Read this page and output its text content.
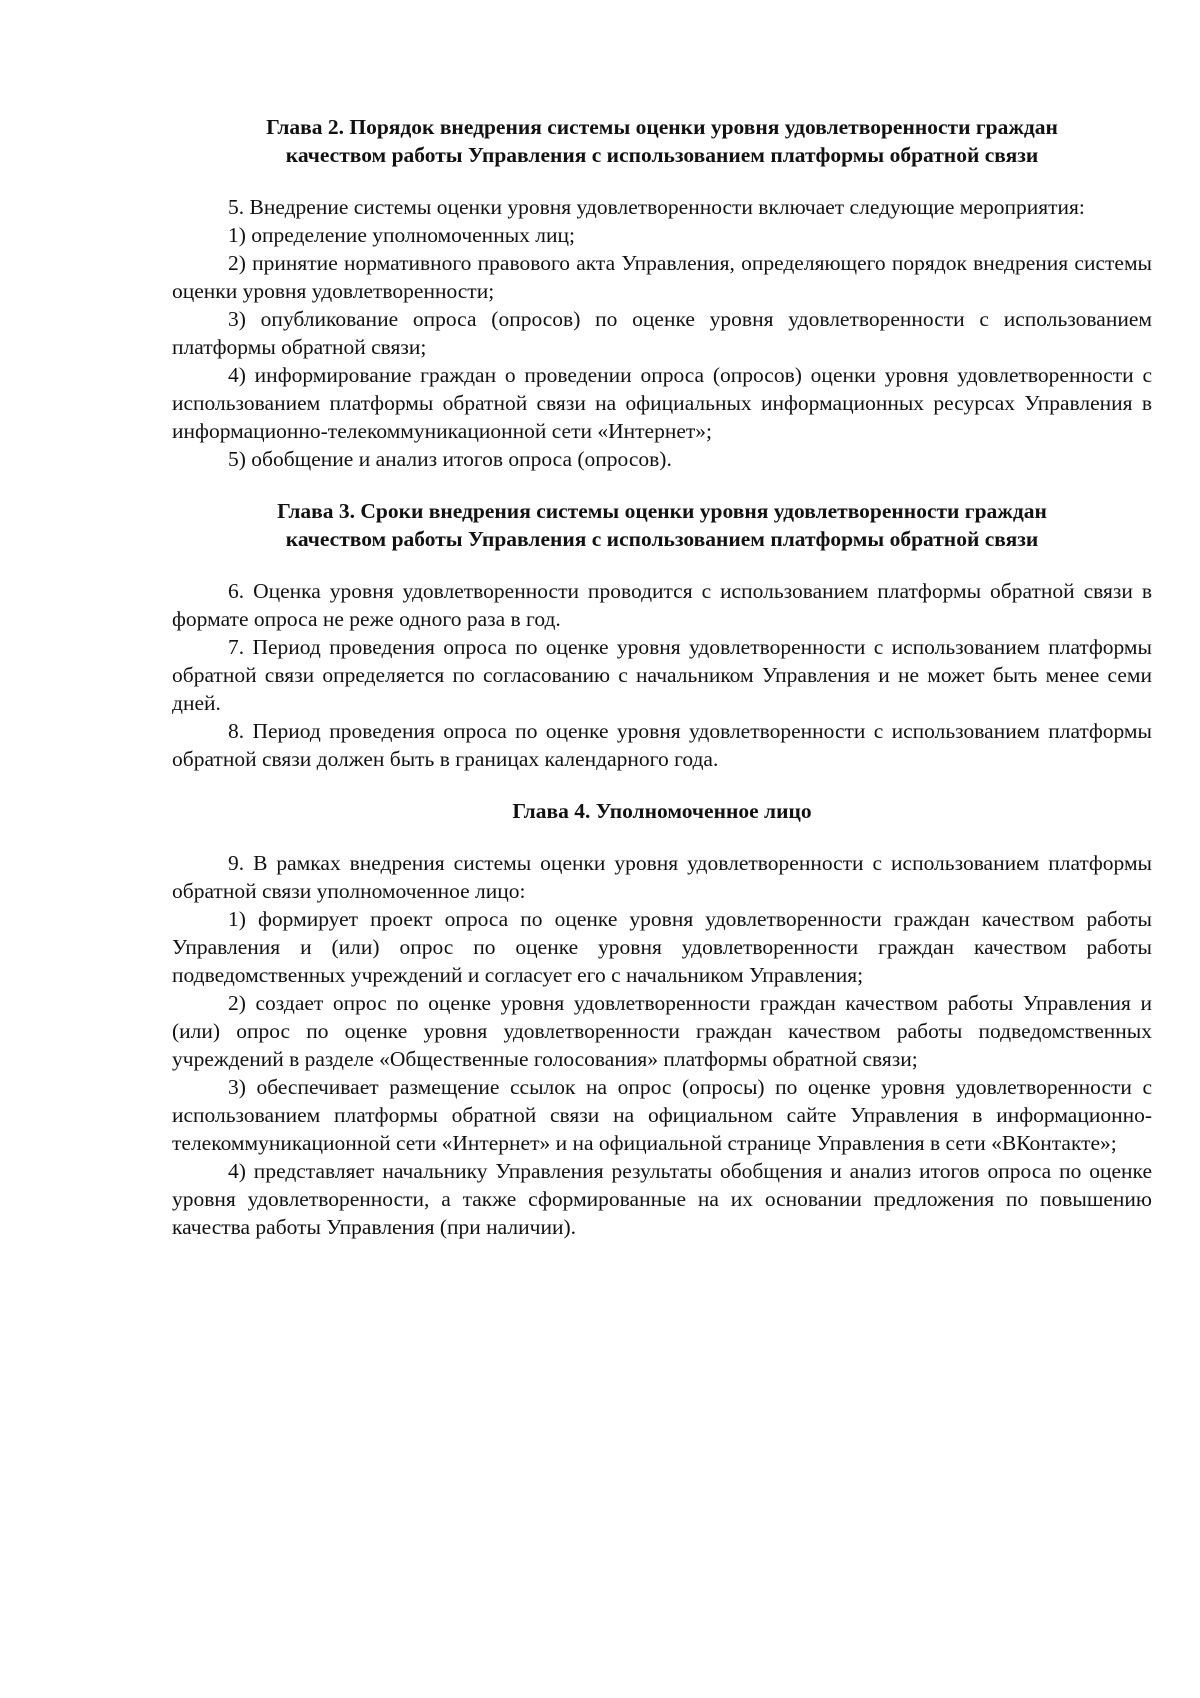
Глава 2. Порядок внедрения системы оценки уровня удовлетворенности граждан
качеством работы Управления с использованием платформы обратной связи

5. Внедрение системы оценки уровня удовлетворенности включает следующие мероприятия:

1) определение уполномоченных лиц;

2) принятие нормативного правового акта Управления, определяющего порядок внедрения системы оценки уровня удовлетворенности;

3) опубликование опроса (опросов) по оценке уровня удовлетворенности с использованием платформы обратной связи;

4) информирование граждан о проведении опроса (опросов) оценки уровня удовлетворенности с использованием платформы обратной связи на официальных информационных ресурсах Управления в информационно-телекоммуникационной сети «Интернет»;

5) обобщение и анализ итогов опроса (опросов).

Глава 3. Сроки внедрения системы оценки уровня удовлетворенности граждан
качеством работы Управления с использованием платформы обратной связи

6. Оценка уровня удовлетворенности проводится с использованием платформы обратной связи в формате опроса не реже одного раза в год.

7. Период проведения опроса по оценке уровня удовлетворенности с использованием платформы обратной связи определяется по согласованию с начальником Управления и не может быть менее семи дней.

8. Период проведения опроса по оценке уровня удовлетворенности с использованием платформы обратной связи должен быть в границах календарного года.

Глава 4. Уполномоченное лицо

9. В рамках внедрения системы оценки уровня удовлетворенности с использованием платформы обратной связи уполномоченное лицо:

1) формирует проект опроса по оценке уровня удовлетворенности граждан качеством работы Управления и (или) опрос по оценке уровня удовлетворенности граждан качеством работы подведомственных учреждений и согласует его с начальником Управления;

2) создает опрос по оценке уровня удовлетворенности граждан качеством работы Управления и (или) опрос по оценке уровня удовлетворенности граждан качеством работы подведомственных учреждений в разделе «Общественные голосования» платформы обратной связи;

3) обеспечивает размещение ссылок на опрос (опросы) по оценке уровня удовлетворенности с использованием платформы обратной связи на официальном сайте Управления в информационно-телекоммуникационной сети «Интернет» и на официальной странице Управления в сети «ВКонтакте»;

4) представляет начальнику Управления результаты обобщения и анализ итогов опроса по оценке уровня удовлетворенности, а также сформированные на их основании предложения по повышению качества работы Управления (при наличии).
